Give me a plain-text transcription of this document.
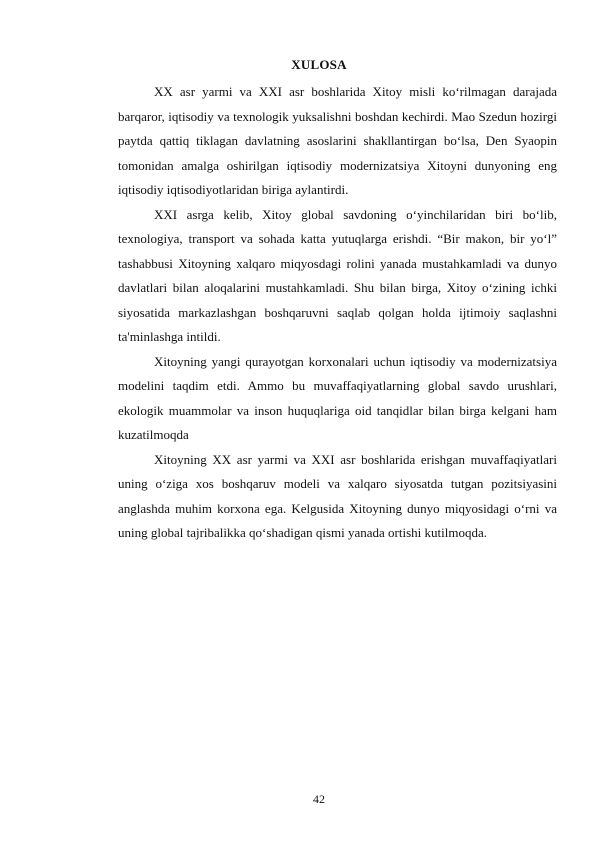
XULOSA

XX asr yarmi va XXI asr boshlarida Xitoy misli ko‘rilmagan darajada barqaror, iqtisodiy va texnologik yuksalishni boshdan kechirdi. Mao Szedun hozirgi paytda qattiq tiklagan davlatning asoslarini shakllantirgan bo‘lsa, Den Syaopin tomonidan amalga oshirilgan iqtisodiy modernizatsiya Xitoyni dunyoning eng iqtisodiy iqtisodiyotlaridan biriga aylantirdi.

XXI asrga kelib, Xitoy global savdoning o‘yinchilaridan biri bo‘lib, texnologiya, transport va sohada katta yutuqlarga erishdi. “Bir makon, bir yo‘l” tashabbusi Xitoyning xalqaro miqyosdagi rolini yanada mustahkamladi va dunyo davlatlari bilan aloqalarini mustahkamladi. Shu bilan birga, Xitoy o‘zining ichki siyosatida markazlashgan boshqaruvni saqlab qolgan holda ijtimoiy saqlashni ta'minlashga intildi.

Xitoyning yangi qurayotgan korxonalari uchun iqtisodiy va modernizatsiya modelini taqdim etdi. Ammo bu muvaffaqiyatlarning global savdo urushlari, ekologik muammolar va inson huquqlariga oid tanqidlar bilan birga kelgani ham kuzatilmoqda

Xitoyning XX asr yarmi va XXI asr boshlarida erishgan muvaffaqiyatlari uning o‘ziga xos boshqaruv modeli va xalqaro siyosatda tutgan pozitsiyasini anglashda muhim korxona ega. Kelgusida Xitoyning dunyo miqyosidagi o‘rni va uning global tajribalikka qo‘shadigan qismi yanada ortishi kutilmoqda.

42
